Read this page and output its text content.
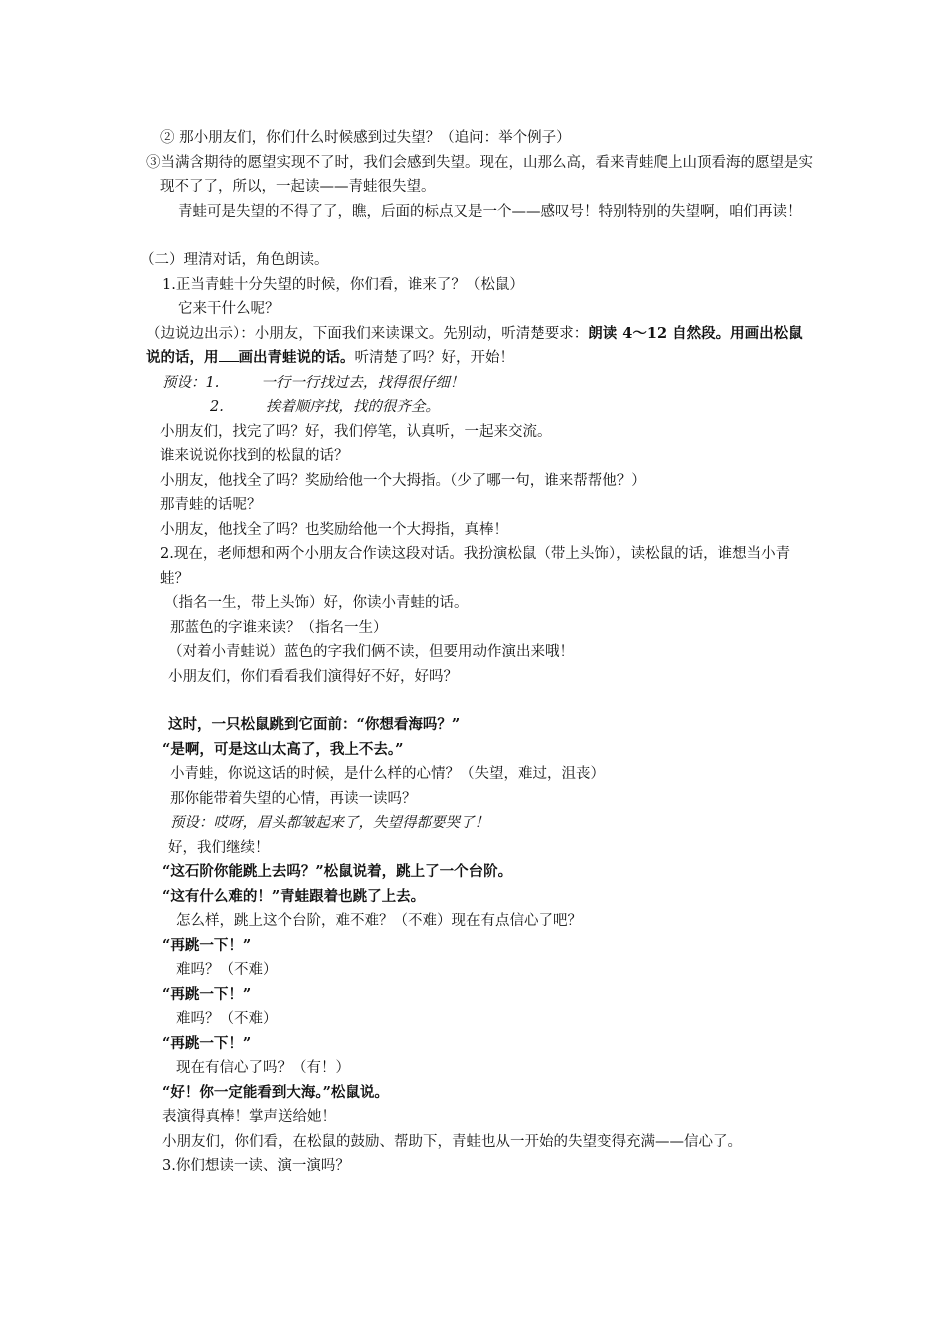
② 那小朋友们，你们什么时候感到过失望？（追问：举个例子）

③当满含期待的愿望实现不了时，我们会感到失望。现在，山那么高，看来青蛙爬上山顶看海的愿望是实现不了了，所以，一起读——青蛙很失望。

青蛙可是失望的不得了了，瞧，后面的标点又是一个——感叹号！特别特别的失望啊，咱们再读！

（二）理清对话，角色朗读。

1.正当青蛙十分失望的时候，你们看，谁来了？（松鼠）

它来干什么呢？

（边说边出示）：小朋友，下面我们来读课文。先别动，听清楚要求：朗读 4～12 自然段。用画出松鼠说的话，用 画出青蛙说的话。听清楚了吗？好，开始！

预设：1.	一行一行找过去，找得很仔细！

2.	挨着顺序找，找的很齐全。

小朋友们，找完了吗？好，我们停笔，认真听，一起来交流。

谁来说说你找到的松鼠的话？

小朋友，他找全了吗？奖励给他一个大拇指。（少了哪一句，谁来帮帮他？）

那青蛙的话呢？

小朋友，他找全了吗？也奖励给他一个大拇指，真棒！

2.现在，老师想和两个小朋友合作读这段对话。我扮演松鼠（带上头饰），读松鼠的话，谁想当小青蛙？

（指名一生，带上头饰）好，你读小青蛙的话。

那蓝色的字谁来读？（指名一生）

（对着小青蛙说）蓝色的字我们俩不读，但要用动作演出来哦！

小朋友们，你们看看我们演得好不好，好吗？

这时，一只松鼠跳到它面前：“你想看海吗？”

“是啊，可是这山太高了，我上不去。”

小青蛙，你说这话的时候，是什么样的心情？（失望，难过，沮丧）

那你能带着失望的心情，再读一读吗？

预设：哎呀，眉头都皱起来了，失望得都要哭了！

好，我们继续！

“这石阶你能跳上去吗？”松鼠说着，跳上了一个台阶。

“这有什么难的！”青蛙跟着也跳了上去。

怎么样，跳上这个台阶，难不难？（不难）现在有点信心了吧？

“再跳一下！”

难吗？（不难）

“再跳一下！”

难吗？（不难）

“再跳一下！”

现在有信心了吗？（有！）

“好！你一定能看到大海。”松鼠说。

表演得真棒！掌声送给她！

小朋友们，你们看，在松鼠的鼓励、帮助下，青蛙也从一开始的失望变得充满——信心了。

3.你们想读一读、演一演吗？
